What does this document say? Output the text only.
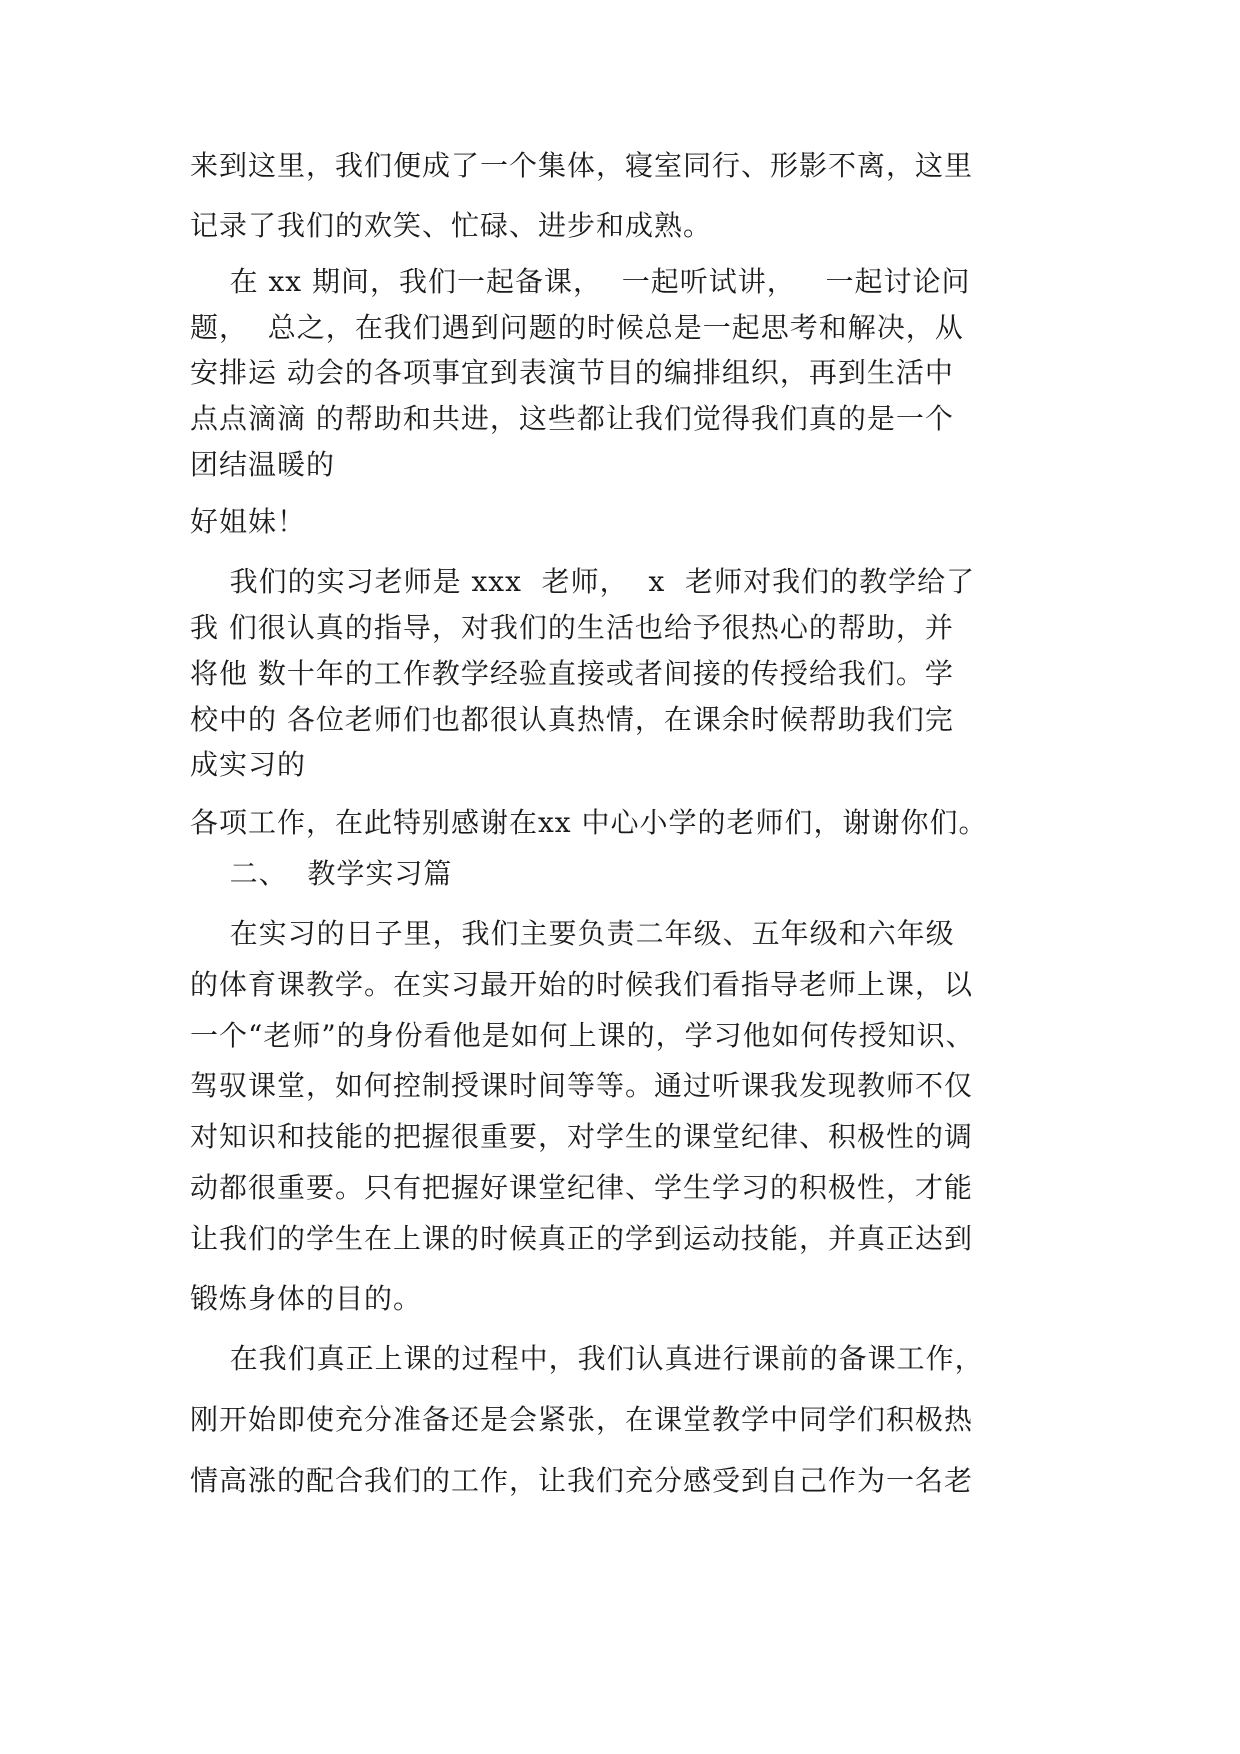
来到这里，我们便成了一个集体，寝室同行、形影不离，这里

记录了我们的欢笑、忙碌、进步和成熟。

在 xx 期间，我们一起备课，  一起听试讲，   一起讨论问

题，  总之，在我们遇到问题的时候总是一起思考和解决，从

安排运 动会的各项事宜到表演节目的编排组织，再到生活中

点点滴滴 的帮助和共进，这些都让我们觉得我们真的是一个

团结温暖的

好姐妹！

我们的实习老师是 xxx  老师，  x  老师对我们的教学给了

我 们很认真的指导，对我们的生活也给予很热心的帮助，并

将他 数十年的工作教学经验直接或者间接的传授给我们。学

校中的 各位老师们也都很认真热情，在课余时候帮助我们完

成实习的

各项工作，在此特别感谢在xx 中心小学的老师们，谢谢你们。

二、  教学实习篇

在实习的日子里，我们主要负责二年级、五年级和六年级

的体育课教学。在实习最开始的时候我们看指导老师上课，以

一个“老师”的身份看他是如何上课的，学习他如何传授知识、

驾驭课堂，如何控制授课时间等等。通过听课我发现教师不仅

对知识和技能的把握很重要，对学生的课堂纪律、积极性的调

动都很重要。只有把握好课堂纪律、学生学习的积极性，才能

让我们的学生在上课的时候真正的学到运动技能，并真正达到

锻炼身体的目的。

在我们真正上课的过程中，我们认真进行课前的备课工作，

刚开始即使充分准备还是会紧张，在课堂教学中同学们积极热

情高涨的配合我们的工作，让我们充分感受到自己作为一名老
